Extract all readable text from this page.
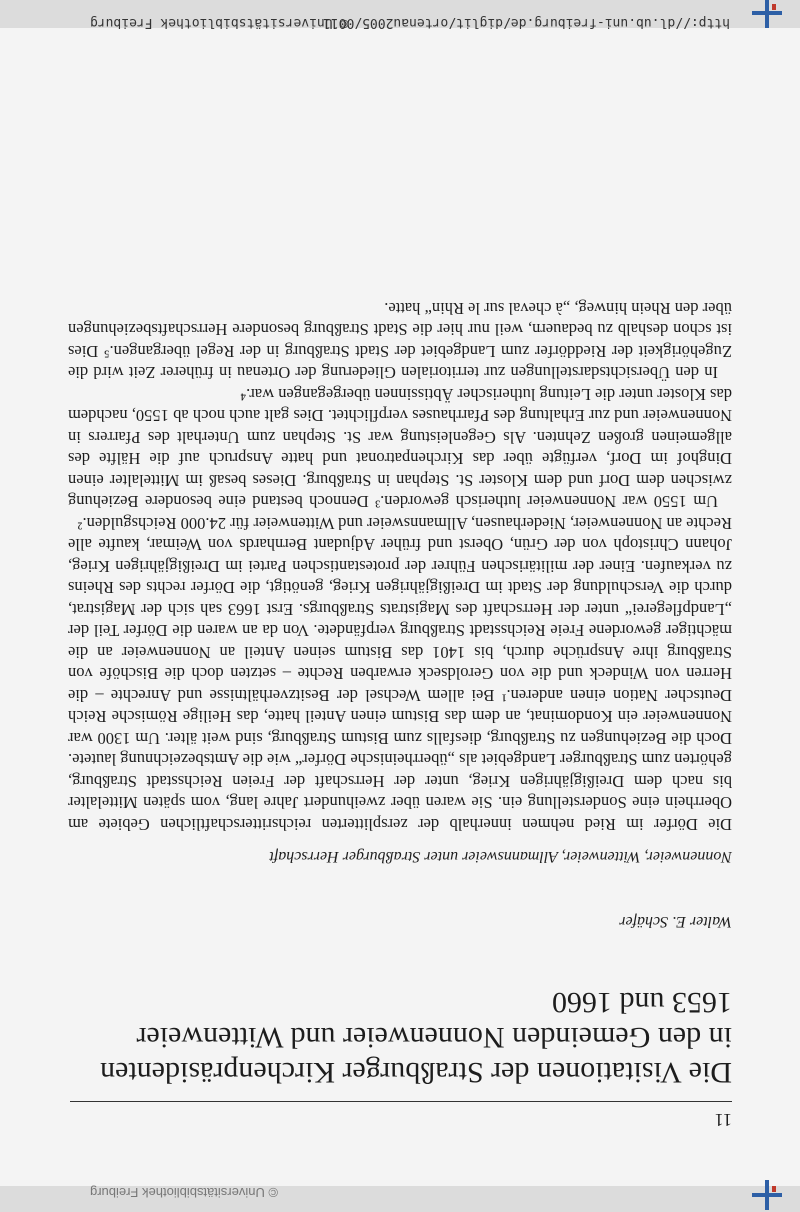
http://dl.ub.uni-freiburg.de/diglit/ortenau2005/0011
© Universitätsbibliothek Freiburg
© Universitätsbibliothek Freiburg
11
Die Visitationen der Straßburger Kirchenpräsidenten
in den Gemeinden Nonnenweier und Wittenweier
1653 und 1660
Walter E. Schäfer
Nonnenweier, Wittenweier, Allmannsweier unter Straßburger Herrschaft

Die Dörfer im Ried nehmen innerhalb der zersplitterten reichsritterschaftlichen Gebiete am Oberrhein eine Sonderstellung ein. Sie waren über zweihundert Jahre lang, vom späten Mittelalter bis nach dem Dreißigjährigen Krieg, unter der Herrschaft der Freien Reichsstadt Straßburg, gehörten zum Straßburger Landgebiet als „überrheinische Dörfer“ wie die Amtsbezeichnung lautete. Doch die Beziehungen zu Straßburg, diesfalls zum Bistum Straßburg, sind weit älter. Um 1300 war Nonnenweier ein Kondominat, an dem das Bistum einen Anteil hatte, das Heilige Römische Reich Deutscher Nation einen anderen.¹ Bei allem Wechsel der Besitzverhältnisse und Anrechte – die Herren von Windeck und die von Geroldseck erwarben Rechte – setzten doch die Bischöfe von Straßburg ihre Ansprüche durch, bis 1401 das Bistum seinen Anteil an Nonnenweier an die mächtiger gewordene Freie Reichsstadt Straßburg verpfändete. Von da an waren die Dörfer Teil der „Landpflegerei“ unter der Herrschaft des Magistrats Straßburgs. Erst 1663 sah sich der Magistrat, durch die Verschuldung der Stadt im Dreißigjährigen Krieg, genötigt, die Dörfer rechts des Rheins zu verkaufen. Einer der militärischen Führer der protestantischen Partei im Dreißigjährigen Krieg, Johann Christoph von der Grün, Oberst und früher Adjudant Bernhards von Weimar, kaufte alle Rechte an Nonnenweier, Niederhausen, Allmannsweier und Wittenweier für 24.000 Reichsgulden.²

Um 1550 war Nonnenweier lutherisch geworden.³ Dennoch bestand eine besondere Beziehung zwischen dem Dorf und dem Kloster St. Stephan in Straßburg. Dieses besaß im Mittelalter einen Dinghof im Dorf, verfügte über das Kirchenpatronat und hatte Anspruch auf die Hälfte des allgemeinen großen Zehnten. Als Gegenleistung war St. Stephan zum Unterhalt des Pfarrers in Nonnenweier und zur Erhaltung des Pfarrhauses verpflichtet. Dies galt auch noch ab 1550, nachdem das Kloster unter die Leitung lutherischer Äbtissinnen übergegangen war.⁴

In den Übersichtsdarstellungen zur territorialen Gliederung der Ortenau in früherer Zeit wird die Zugehörigkeit der Rieddörfer zum Landgebiet der Stadt Straßburg in der Regel übergangen.⁵ Dies ist schon deshalb zu bedauern, weil nur hier die Stadt Straßburg besondere Herrschaftsbeziehungen über den Rhein hinweg, „à cheval sur le Rhin“ hatte.
